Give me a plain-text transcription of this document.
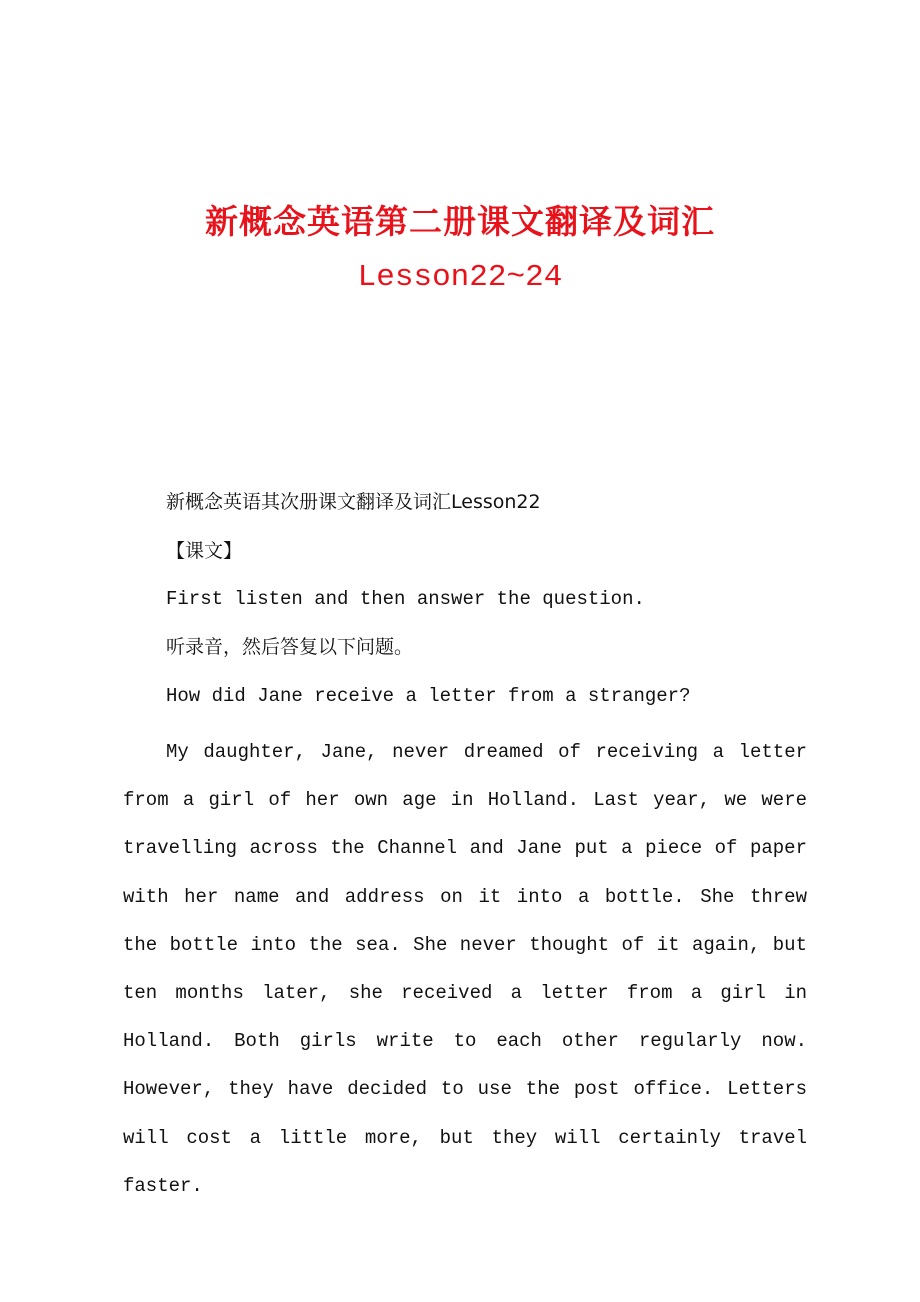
新概念英语第二册课文翻译及词汇
Lesson22~24
新概念英语其次册课文翻译及词汇Lesson22
【课文】
First listen and then answer the question.
听录音，然后答复以下问题。
How did Jane receive a letter from a stranger?

My daughter, Jane, never dreamed of receiving a letter from a girl of her own age in Holland. Last year, we were travelling across the Channel and Jane put a piece of paper with her name and address on it into a bottle. She threw the bottle into the sea. She never thought of it again, but ten months later, she received a letter from a girl in Holland. Both girls write to each other regularly now. However, they have decided to use the post office. Letters will cost a little more, but they will certainly travel faster.
